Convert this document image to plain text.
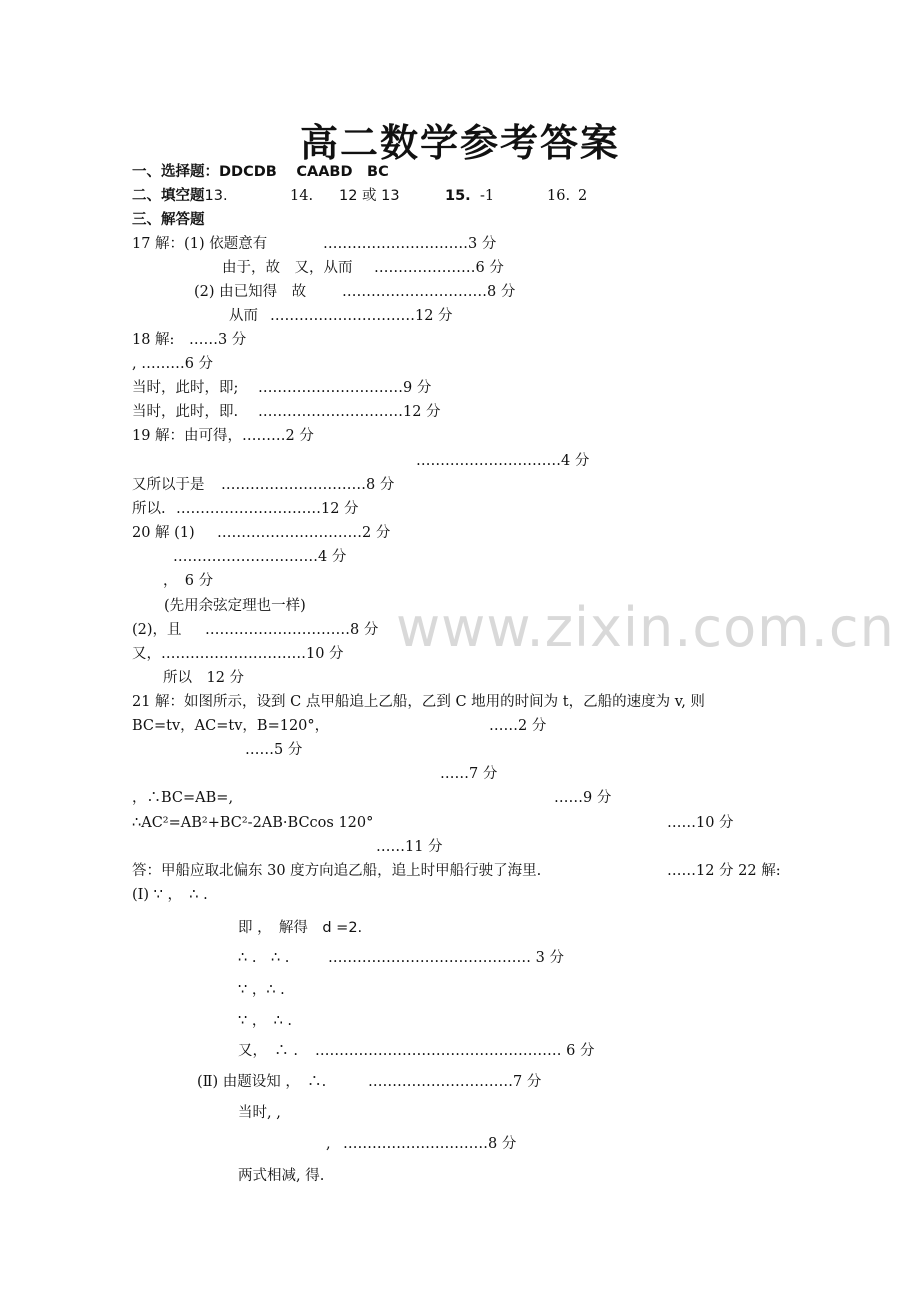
高二数学参考答案
www.zixin.com.cn
一、选择题：DDCDB　 CAABD　BC
二、填空题13.	14. 12 或 13	15. -1	16. 2
三、解答题
17 解：(1) 依题意有	…………………………3 分
由于，故　又，从而 …………………6 分
(2) 由已知得　故 …………………………8 分
从而 …………………………12 分
18 解:　……3 分
, ………6 分
当时，此时，即; …………………………9 分
当时，此时，即. …………………………12 分
19 解：由可得，………2 分
…………………………4 分
又所以于是 …………………………8 分
所以. …………………………12 分
20 解 (1) …………………………2 分
…………………………4 分
，　6 分
(先用余弦定理也一样)
(2)，且 …………………………8 分
又，…………………………10 分
所以　12 分
21 解：如图所示，设到 C 点甲船追上乙船，乙到 C 地用的时间为 t，乙船的速度为 v, 则
BC=tv，AC=tv，B=120°，	……2 分
……5 分
……7 分
，∴BC=AB=,	……9 分
∴AC²=AB²+BC²-2AB·BCcos 120°	……10 分
……11 分
答：甲船应取北偏东 30 度方向追乙船，追上时甲船行驶了海里.	……12 分 22 解:
(Ⅰ) ∵ ，　∴ .
即 ，　解得　d =2.
∴ .　∴ .	…………………………………… 3 分
∵ ，∴ .
∵ ，　∴ .
又，　∴ . …………………………………………… 6 分
(Ⅱ) 由题设知 ，　∴.	…………………………7 分
当时, ,
, …………………………8 分
两式相减, 得.
